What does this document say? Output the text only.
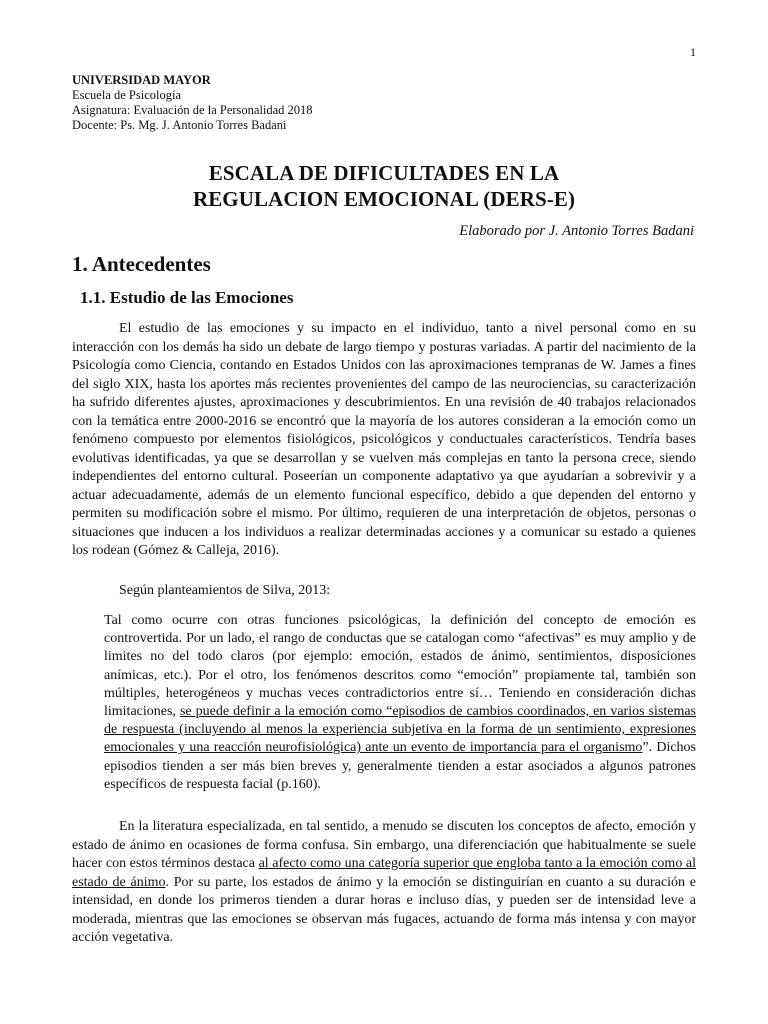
1
UNIVERSIDAD MAYOR
Escuela de Psicología
Asignatura: Evaluación de la Personalidad 2018
Docente: Ps. Mg. J. Antonio Torres Badani
ESCALA DE DIFICULTADES EN LA
REGULACION EMOCIONAL (DERS-E)
Elaborado por J. Antonio Torres Badani
1. Antecedentes
1.1. Estudio de las Emociones

El estudio de las emociones y su impacto en el individuo, tanto a nivel personal como en su interacción con los demás ha sido un debate de largo tiempo y posturas variadas. A partir del nacimiento de la Psicología como Ciencia, contando en Estados Unidos con las aproximaciones tempranas de W. James a fines del siglo XIX, hasta los aportes más recientes provenientes del campo de las neurociencias, su caracterización ha sufrido diferentes ajustes, aproximaciones y descubrimientos. En una revisión de 40 trabajos relacionados con la temática entre 2000-2016 se encontró que la mayoría de los autores consideran a la emoción como un fenómeno compuesto por elementos fisiológicos, psicológicos y conductuales característicos. Tendría bases evolutivas identificadas, ya que se desarrollan y se vuelven más complejas en tanto la persona crece, siendo independientes del entorno cultural. Poseerían un componente adaptativo ya que ayudarían a sobrevivir y a actuar adecuadamente, además de un elemento funcional específico, debido a que dependen del entorno y permiten su modificación sobre el mismo. Por último, requieren de una interpretación de objetos, personas o situaciones que inducen a los individuos a realizar determinadas acciones y a comunicar su estado a quienes los rodean (Gómez & Calleja, 2016).

Según planteamientos de Silva, 2013:

Tal como ocurre con otras funciones psicológicas, la definición del concepto de emoción es controvertida. Por un lado, el rango de conductas que se catalogan como “afectivas” es muy amplio y de limites no del todo claros (por ejemplo: emoción, estados de ánimo, sentimientos, disposiciones anímicas, etc.). Por el otro, los fenómenos descritos como “emoción” propiamente tal, también son múltiples, heterogéneos y muchas veces contradictorios entre sí… Teniendo en consideración dichas limitaciones, se puede definir a la emoción como “episodios de cambios coordinados, en varios sistemas de respuesta (incluyendo al menos la experiencia subjetiva en la forma de un sentimiento, expresiones emocionales y una reacción neurofisiológica) ante un evento de importancia para el organismo”. Dichos episodios tienden a ser más bien breves y, generalmente tienden a estar asociados a algunos patrones específicos de respuesta facial (p.160).

En la literatura especializada, en tal sentido, a menudo se discuten los conceptos de afecto, emoción y estado de ánimo en ocasiones de forma confusa. Sin embargo, una diferenciación que habitualmente se suele hacer con estos términos destaca al afecto como una categoría superior que engloba tanto a la emoción como al estado de ánimo. Por su parte, los estados de ánimo y la emoción se distinguirían en cuanto a su duración e intensidad, en donde los primeros tienden a durar horas e incluso días, y pueden ser de intensidad leve a moderada, mientras que las emociones se observan más fugaces, actuando de forma más intensa y con mayor acción vegetativa.
